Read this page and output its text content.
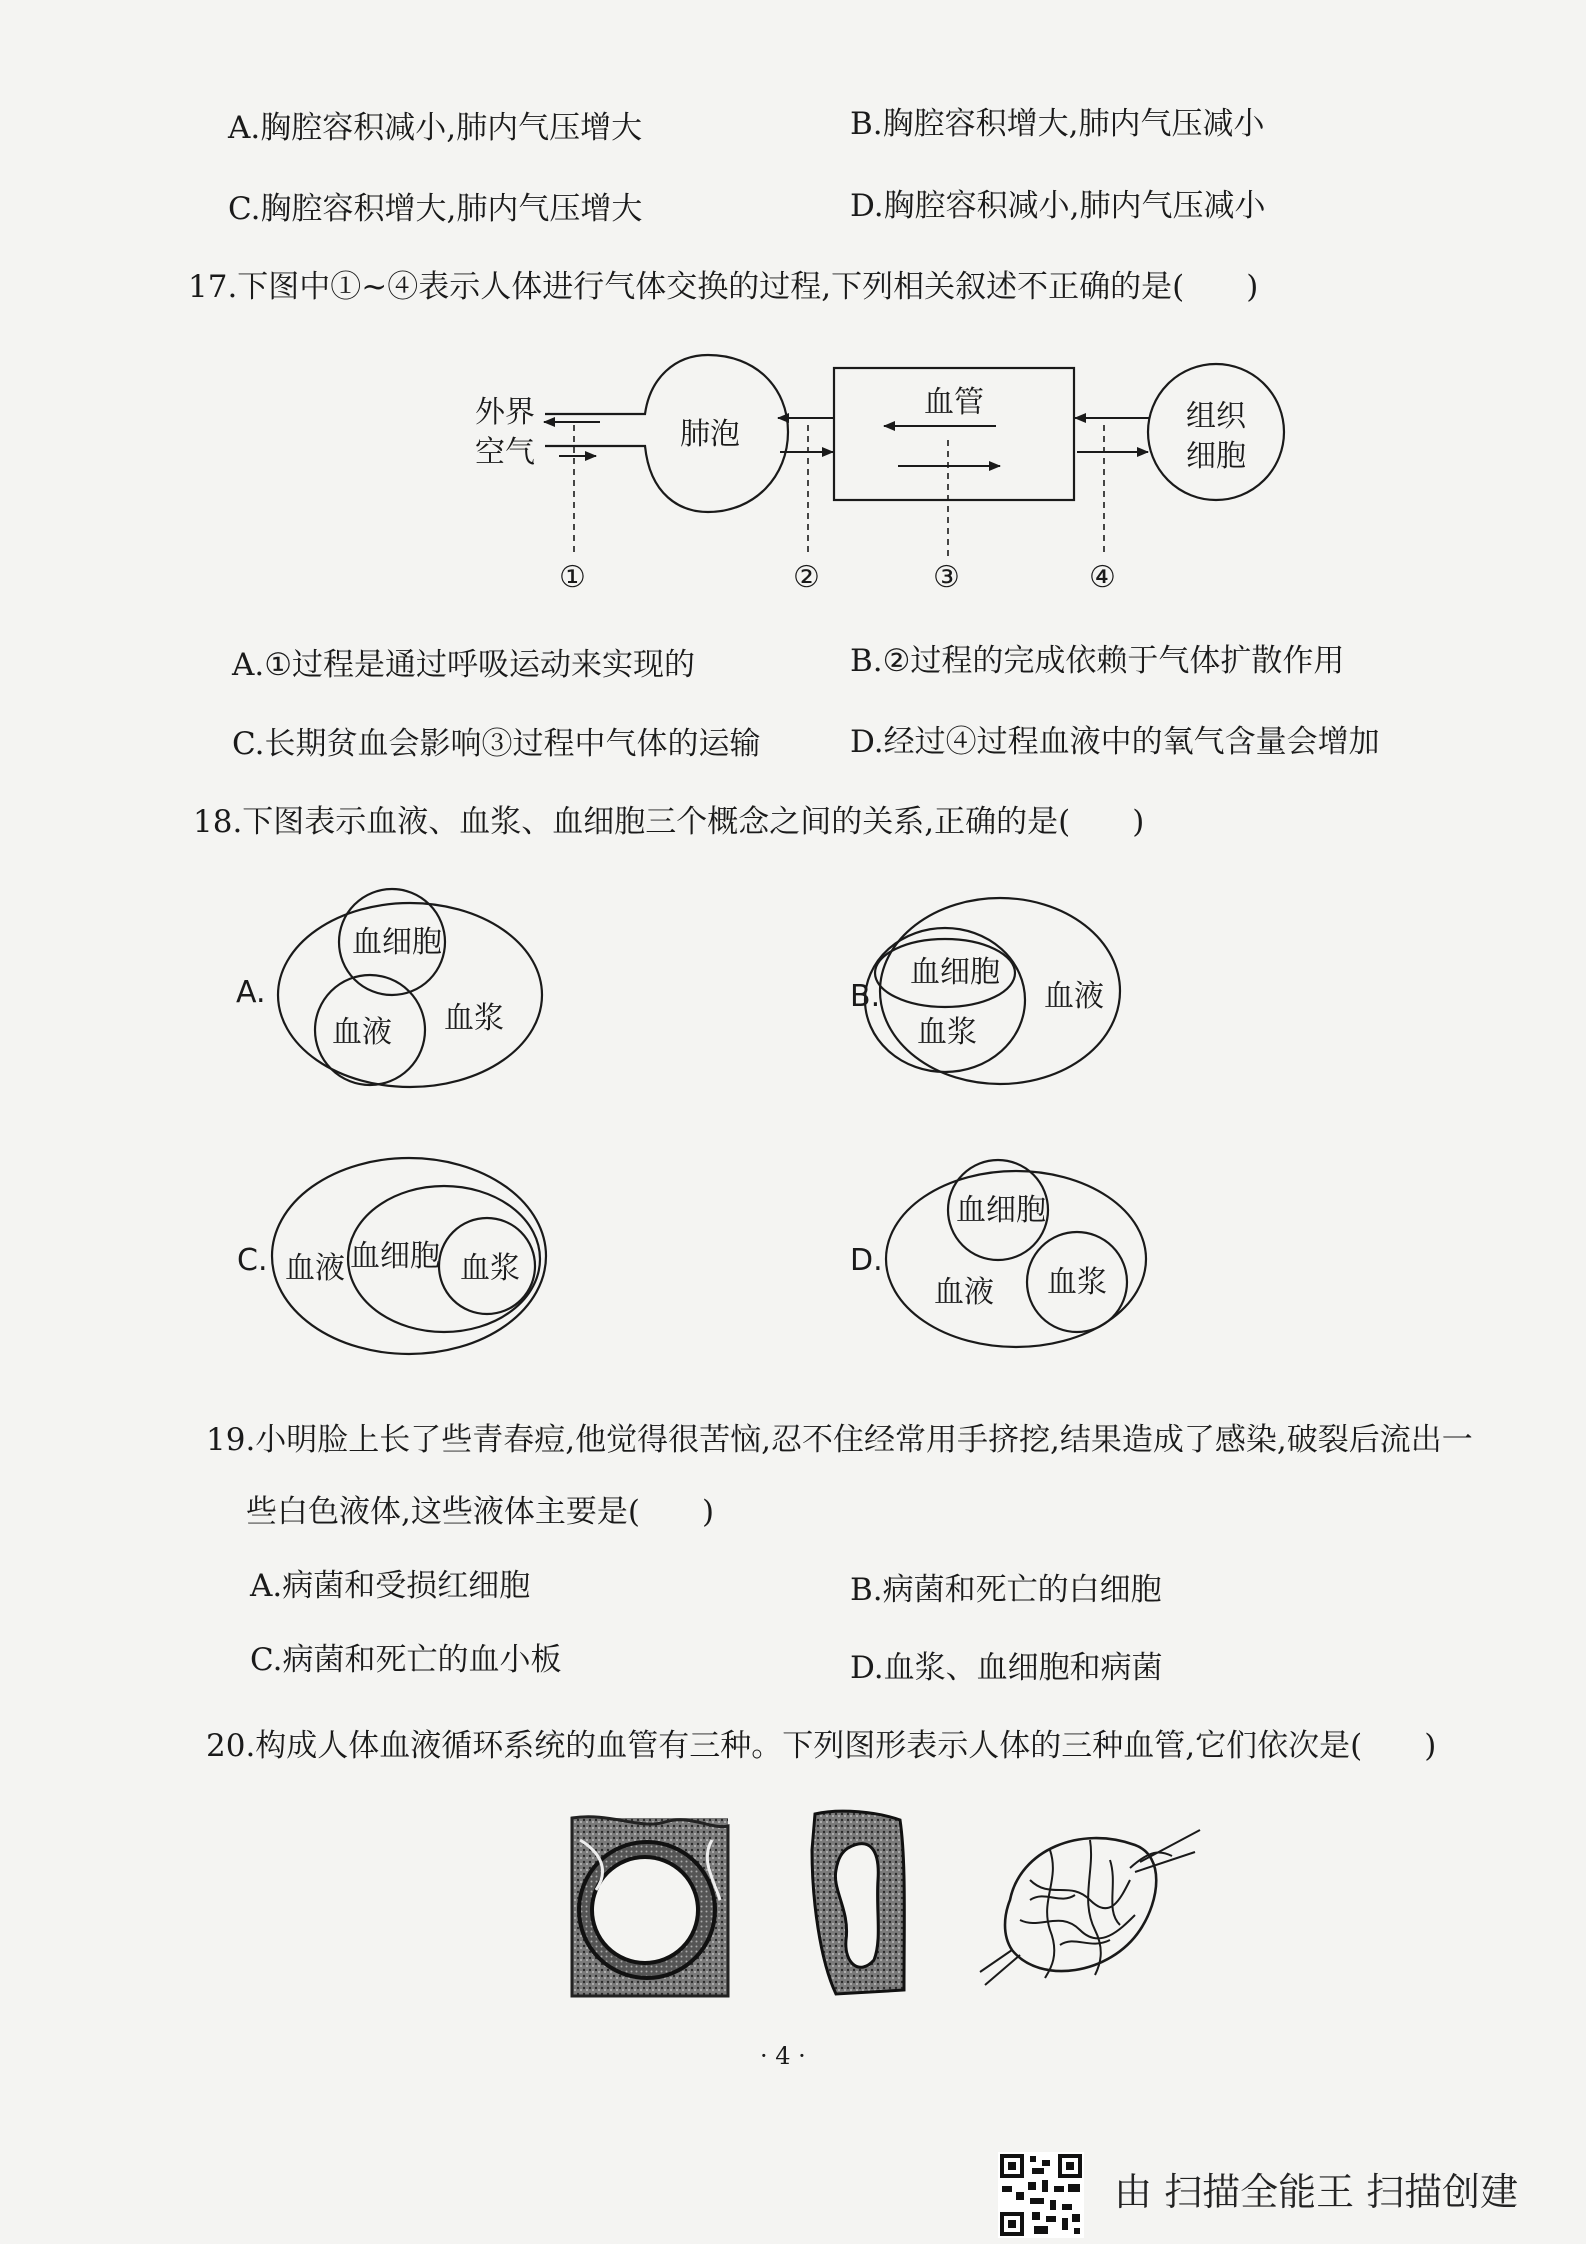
A.胸腔容积减小,肺内气压增大	B.胸腔容积增大,肺内气压减小
C.胸腔容积增大,肺内气压增大	D.胸腔容积减小,肺内气压减小
17.下图中①~④表示人体进行气体交换的过程,下列相关叙述不正确的是(　　)
外界
空气
肺泡
血管	组织
细胞
①	②	③	④
A.①过程是通过呼吸运动来实现的	B.②过程的完成依赖于气体扩散作用
C.长期贫血会影响③过程中气体的运输	D.经过④过程血液中的氧气含量会增加
18.下图表示血液、血浆、血细胞三个概念之间的关系,正确的是(　　)
A.
血细胞
血液 血浆
B.
血细胞
血浆
血液
C. 血液 血细胞 血浆	D.
血细胞
血液 血浆
19.小明脸上长了些青春痘,他觉得很苦恼,忍不住经常用手挤挖,结果造成了感染,破裂后流出一
些白色液体,这些液体主要是(　　)
A.病菌和受损红细胞	B.病菌和死亡的白细胞
C.病菌和死亡的血小板	D.血浆、血细胞和病菌
20.构成人体血液循环系统的血管有三种。下列图形表示人体的三种血管,它们依次是(　　)
· 4 ·
由 扫描全能王 扫描创建
